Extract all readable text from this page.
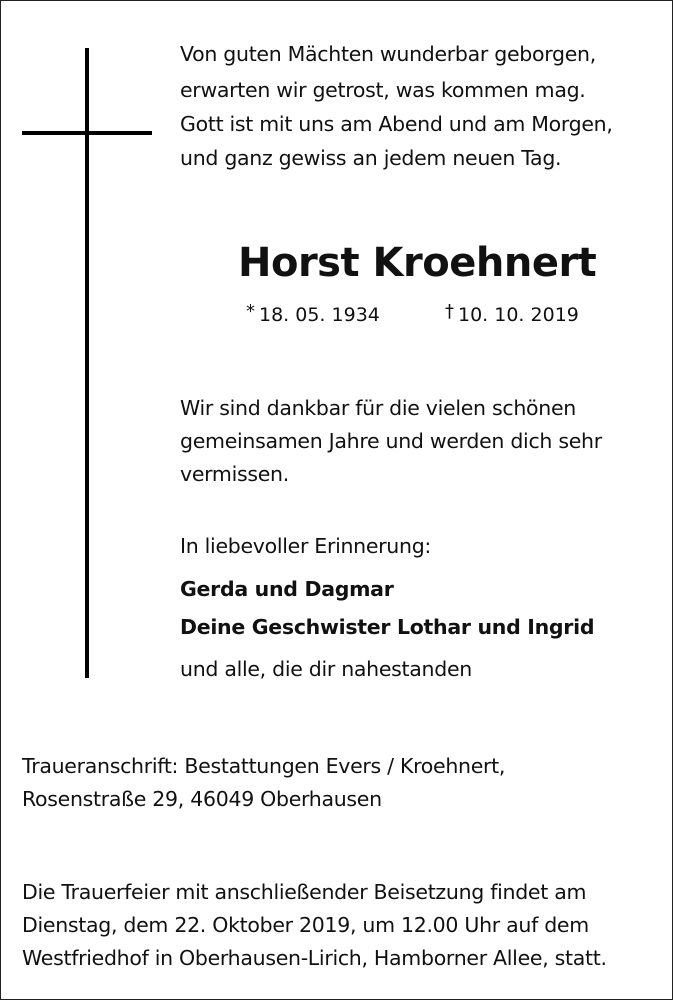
Von guten Mächten wunderbar geborgen,
erwarten wir getrost, was kommen mag.
Gott ist mit uns am Abend und am Morgen,
und ganz gewiss an jedem neuen Tag.
Horst Kroehnert
* 18. 05. 1934	† 10. 10. 2019
Wir sind dankbar für die vielen schönen
gemeinsamen Jahre und werden dich sehr
vermissen.
In liebevoller Erinnerung:
Gerda und Dagmar
Deine Geschwister Lothar und Ingrid
und alle, die dir nahestanden
Traueranschrift: Bestattungen Evers / Kroehnert,
Rosenstraße 29, 46049 Oberhausen
Die Trauerfeier mit anschließender Beisetzung findet am
Dienstag, dem 22. Oktober 2019, um 12.00 Uhr auf dem
Westfriedhof in Oberhausen-Lirich, Hamborner Allee, statt.
